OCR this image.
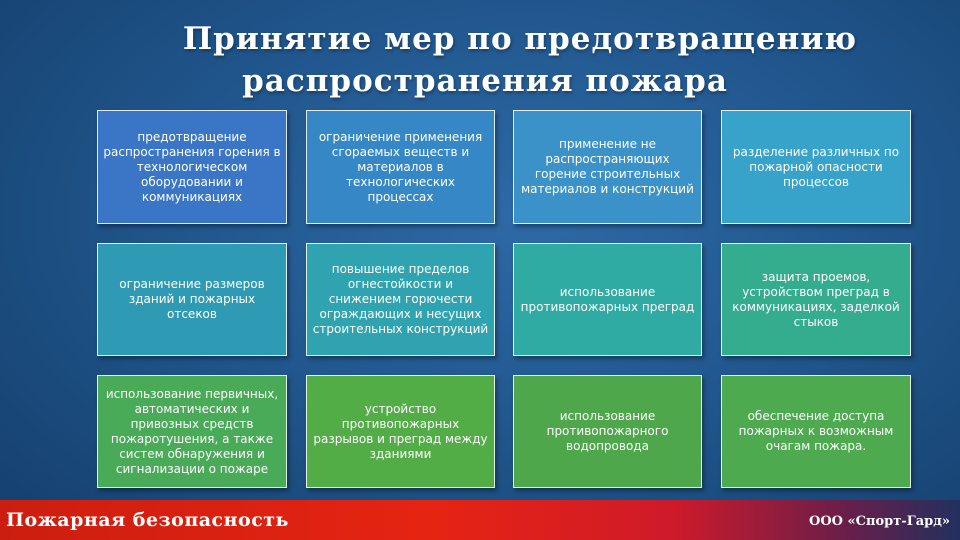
Принятие мер по предотвращению
распространения пожара
предотвращение распространения горения в технологическом оборудовании и коммуникациях
ограничение применения сгораемых веществ и материалов в технологических процессах
применение не распространяющих горение строительных материалов и конструкций
разделение различных по пожарной опасности процессов
ограничение размеров зданий и пожарных отсеков
повышение пределов огнестойкости и снижением горючести ограждающих и несущих строительных конструкций
использование противопожарных преград
защита проемов, устройством преград в коммуникациях, заделкой стыков
использование первичных, автоматических и привозных средств пожаротушения, а также систем обнаружения и сигнализации о пожаре
устройство противопожарных разрывов и преград между зданиями
использование противопожарного водопровода
обеспечение доступа пожарных к возможным очагам пожара.
Пожарная безопасность	ООО «Спорт-Гард»
